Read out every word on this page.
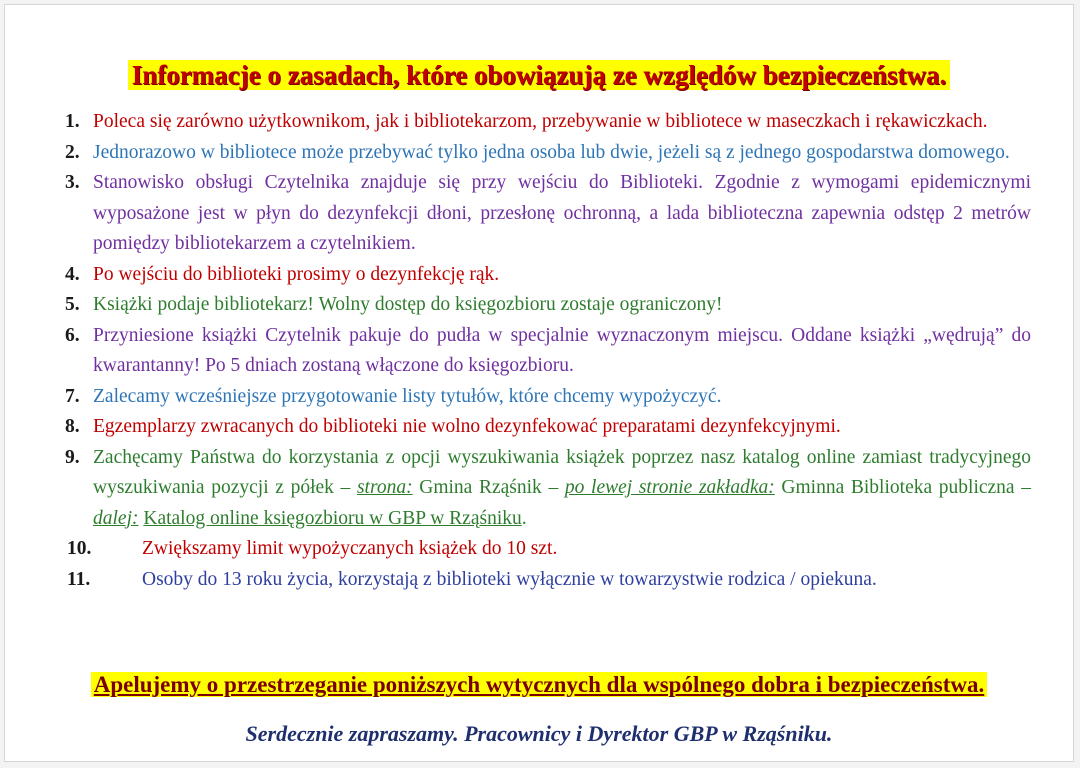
Informacje o zasadach, które obowiązują ze względów bezpieczeństwa.
1. Poleca się zarówno użytkownikom, jak i bibliotekarzom, przebywanie w bibliotece w maseczkach i rękawiczkach.
2. Jednorazowo w bibliotece może przebywać tylko jedna osoba lub dwie, jeżeli są z jednego gospodarstwa domowego.
3. Stanowisko obsługi Czytelnika znajduje się przy wejściu do Biblioteki. Zgodnie z wymogami epidemicznymi wyposażone jest w płyn do dezynfekcji dłoni, przesłonę ochronną, a lada biblioteczna zapewnia odstęp 2 metrów pomiędzy bibliotekarzem a czytelnikiem.
4. Po wejściu do biblioteki prosimy o dezynfekcję rąk.
5. Książki podaje bibliotekarz! Wolny dostęp do księgozbioru zostaje ograniczony!
6. Przyniesione książki Czytelnik pakuje do pudła w specjalnie wyznaczonym miejscu. Oddane książki „wędrują” do kwarantanny! Po 5 dniach zostaną włączone do księgozbioru.
7. Zalecamy wcześniejsze przygotowanie listy tytułów, które chcemy wypożyczyć.
8. Egzemplarzy zwracanych do biblioteki nie wolno dezynfekować preparatami dezynfekcyjnymi.
9. Zachęcamy Państwa do korzystania z opcji wyszukiwania książek poprzez nasz katalog online zamiast tradycyjnego wyszukiwania pozycji z półek – strona: Gmina Rząśnik – po lewej stronie zakładka: Gminna Biblioteka publiczna – dalej: Katalog online księgozbioru w GBP w Rząśniku.
10.	Zwiększamy limit wypożyczanych książek do 10 szt.
11.	Osoby do 13 roku życia, korzystają z biblioteki wyłącznie w towarzystwie rodzica / opiekuna.
Apelujemy o przestrzeganie poniższych wytycznych dla wspólnego dobra i bezpieczeństwa.
Serdecznie zapraszamy. Pracownicy i Dyrektor GBP w Rząśniku.
